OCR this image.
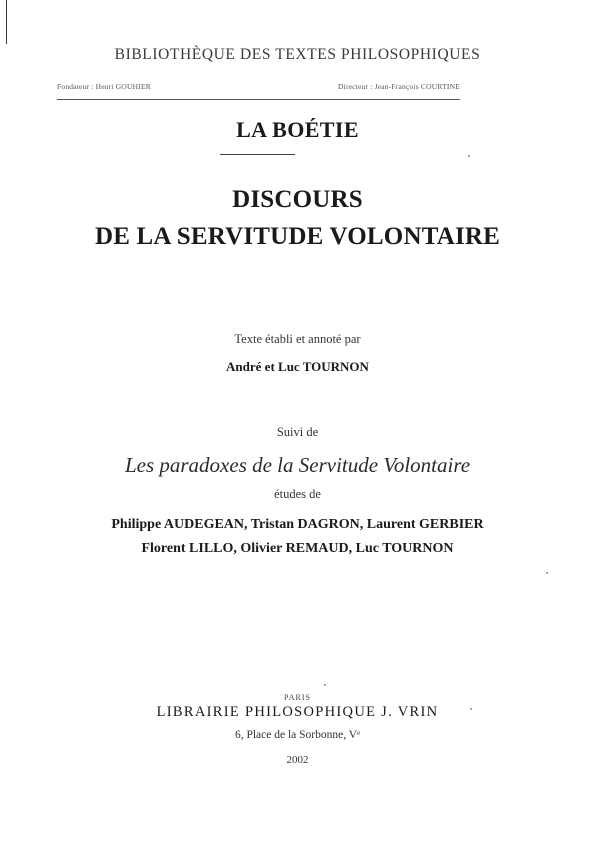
BIBLIOTHÈQUE DES TEXTES PHILOSOPHIQUES
Fondateur : Henri GOUHIER	Directeur : Jean-François COURTINE
LA BOÉTIE
DISCOURS
DE LA SERVITUDE VOLONTAIRE
Texte établi et annoté par
André et Luc TOURNON
Suivi de
Les paradoxes de la Servitude Volontaire
études de
Philippe AUDEGEAN, Tristan DAGRON, Laurent GERBIER
Florent LILLO, Olivier REMAUD, Luc TOURNON
PARIS
LIBRAIRIE PHILOSOPHIQUE J. VRIN
6, Place de la Sorbonne, Vᵉ
2002
